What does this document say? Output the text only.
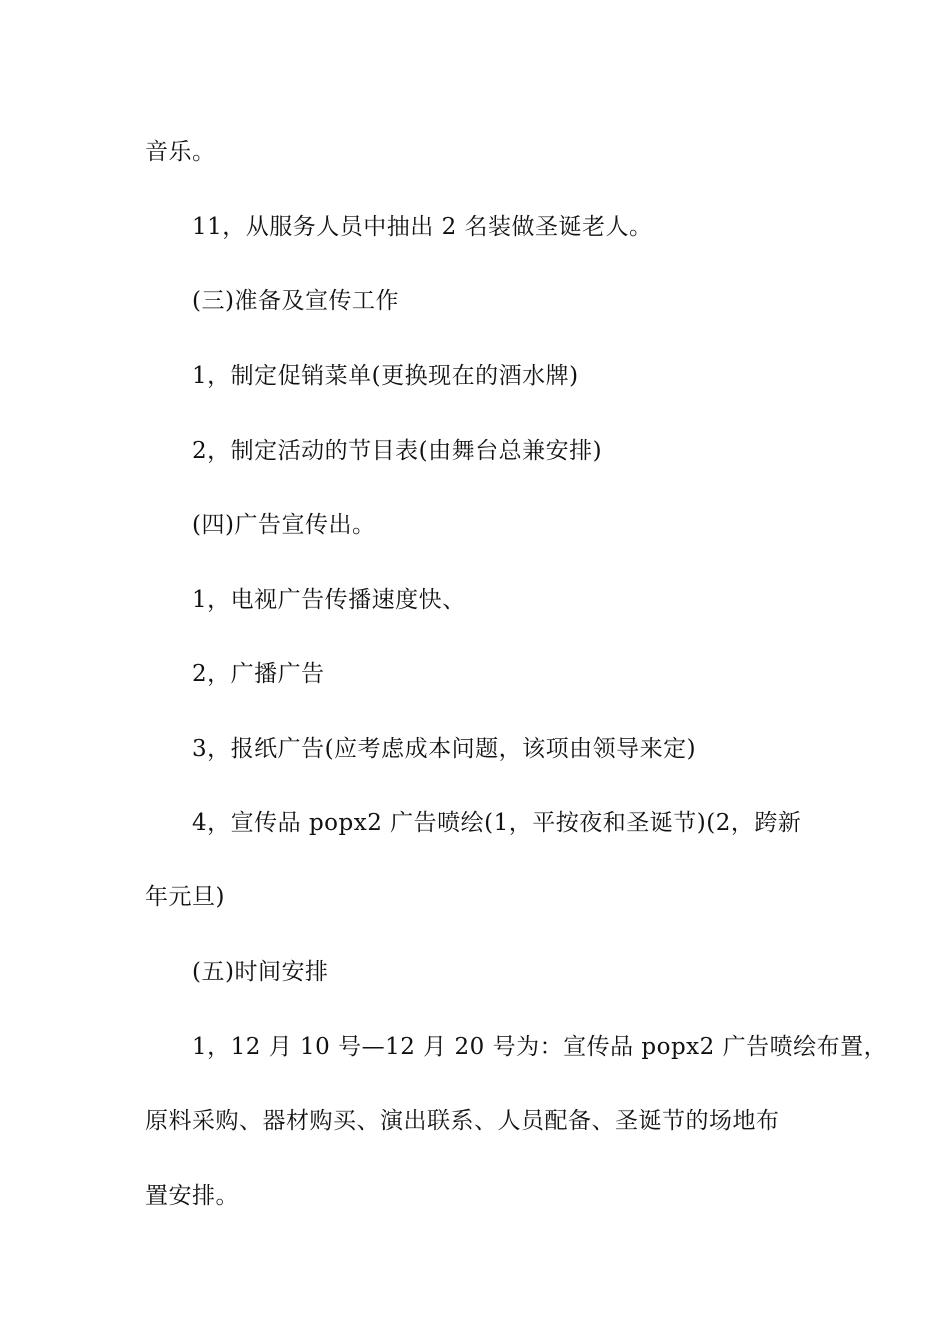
音乐。
11，从服务人员中抽出 2 名装做圣诞老人。
(三)准备及宣传工作
1，制定促销菜单(更换现在的酒水牌)
2，制定活动的节目表(由舞台总兼安排)
(四)广告宣传出。
1，电视广告传播速度快、
2，广播广告
3，报纸广告(应考虑成本问题，该项由领导来定)
4，宣传品 popx2 广告喷绘(1，平按夜和圣诞节)(2，跨新
年元旦)
(五)时间安排
1，12 月 10 号—12 月 20 号为：宣传品 popx2 广告喷绘布置，
原料采购、器材购买、演出联系、人员配备、圣诞节的场地布
置安排。
